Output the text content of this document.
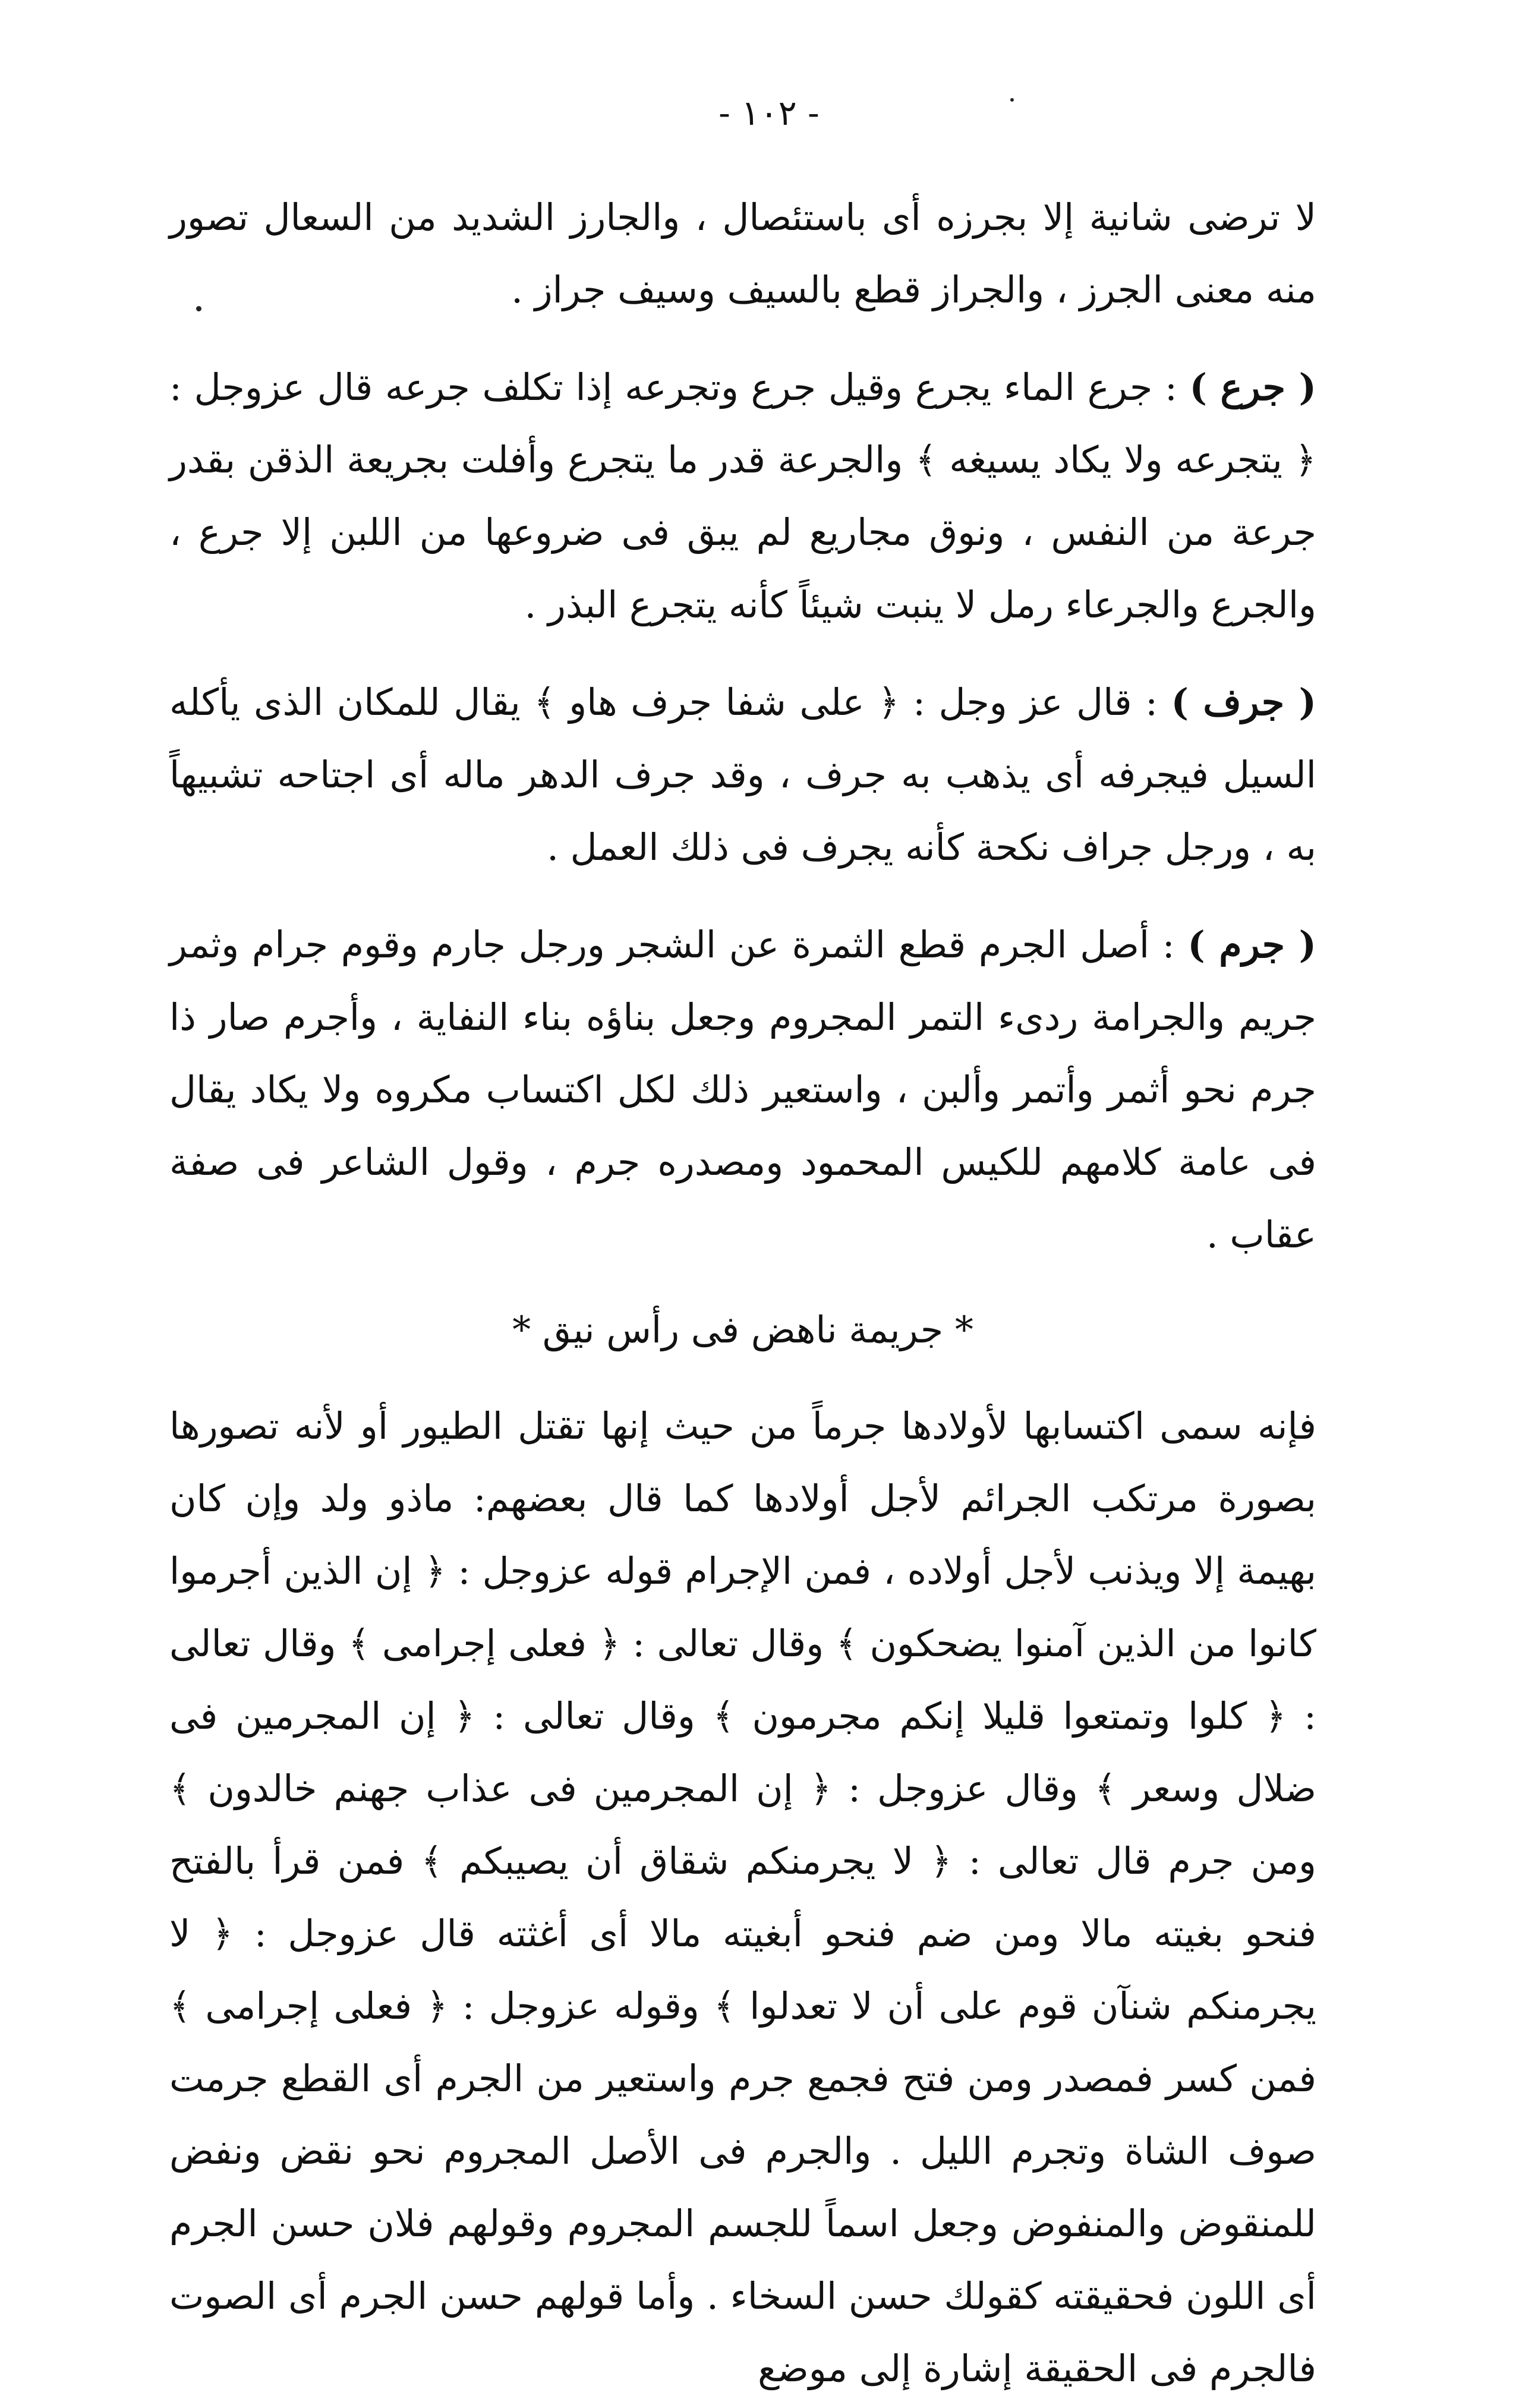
- ١٠٢ -

لا ترضى شانية إلا بجرزه أى باستئصال ، والجارز الشديد من السعال تصور منه معنى الجرز ، والجراز قطع بالسيف وسيف جراز .

( جرع ) : جرع الماء يجرع وقيل جرع وتجرعه إذا تكلف جرعه قال عزوجل : ﴿ يتجرعه ولا يكاد يسيغه ﴾ والجرعة قدر ما يتجرع وأفلت بجريعة الذقن بقدر جرعة من النفس ، ونوق مجاريع لم يبق فى ضروعها من اللبن إلا جرع ، والجرع والجرعاء رمل لا ينبت شيئاً كأنه يتجرع البذر .

( جرف ) : قال عز وجل : ﴿ على شفا جرف هاو ﴾ يقال للمكان الذى يأكله السيل فيجرفه أى يذهب به جرف ، وقد جرف الدهر ماله أى اجتاحه تشبيهاً به ، ورجل جراف نكحة كأنه يجرف فى ذلك العمل .

( جرم ) : أصل الجرم قطع الثمرة عن الشجر ورجل جارم وقوم جرام وثمر جريم والجرامة ردىء التمر المجروم وجعل بناؤه بناء النفاية ، وأجرم صار ذا جرم نحو أثمر وأتمر وألبن ، واستعير ذلك لكل اكتساب مكروه ولا يكاد يقال فى عامة كلامهم للكيس المحمود ومصدره جرم ، وقول الشاعر فى صفة عقاب .

* جريمة ناهض فى رأس نيق *

فإنه سمى اكتسابها لأولادها جرماً من حيث إنها تقتل الطيور أو لأنه تصورها بصورة مرتكب الجرائم لأجل أولادها كما قال بعضهم: ماذو ولد وإن كان بهيمة إلا ويذنب لأجل أولاده ، فمن الإجرام قوله عزوجل : ﴿ إن الذين أجرموا كانوا من الذين آمنوا يضحكون ﴾ وقال تعالى : ﴿ فعلى إجرامى ﴾ وقال تعالى : ﴿ كلوا وتمتعوا قليلا إنكم مجرمون ﴾ وقال تعالى : ﴿ إن المجرمين فى ضلال وسعر ﴾ وقال عزوجل : ﴿ إن المجرمين فى عذاب جهنم خالدون ﴾ ومن جرم قال تعالى : ﴿ لا يجرمنكم شقاق أن يصيبكم ﴾ فمن قرأ بالفتح فنحو بغيته مالا ومن ضم فنحو أبغيته مالا أى أغثته قال عزوجل : ﴿ لا يجرمنكم شنآن قوم على أن لا تعدلوا ﴾ وقوله عزوجل : ﴿ فعلى إجرامى ﴾ فمن كسر فمصدر ومن فتح فجمع جرم واستعير من الجرم أى القطع جرمت صوف الشاة وتجرم الليل . والجرم فى الأصل المجروم نحو نقض ونفض للمنقوض والمنفوض وجعل اسماً للجسم المجروم وقولهم فلان حسن الجرم أى اللون فحقيقته كقولك حسن السخاء . وأما قولهم حسن الجرم أى الصوت فالجرم فى الحقيقة إشارة إلى موضع
